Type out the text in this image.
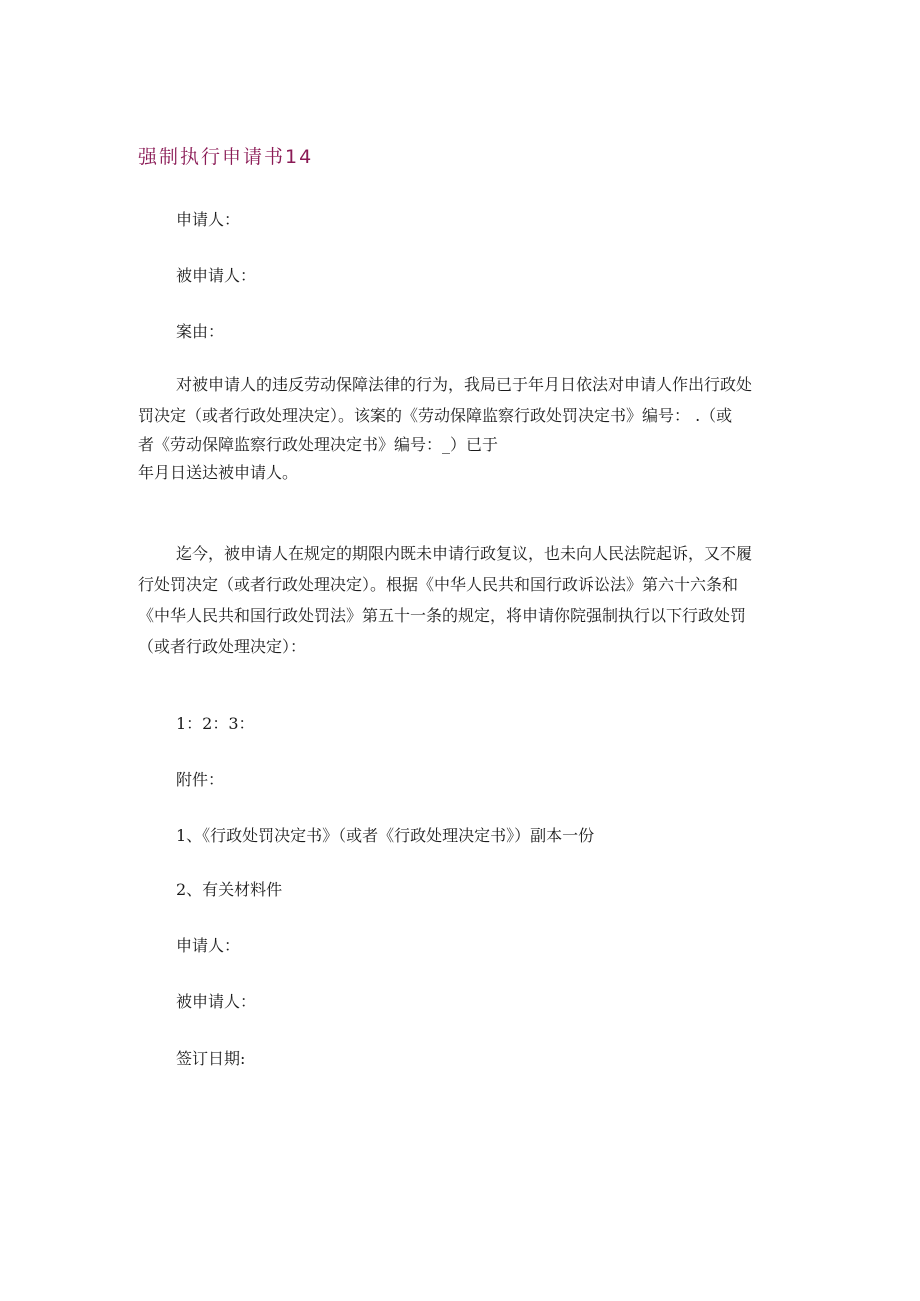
强制执行申请书14
申请人：
被申请人：
案由：
对被申请人的违反劳动保障法律的行为，我局已于年月日依法对申请人作出行政处
罚决定（或者行政处理决定）。该案的《劳动保障监察行政处罚决定书》编号： .（或
者《劳动保障监察行政处理决定书》编号：_）已于
年月日送达被申请人。
迄今，被申请人在规定的期限内既未申请行政复议，也未向人民法院起诉，又不履
行处罚决定（或者行政处理决定）。根据《中华人民共和国行政诉讼法》第六十六条和
《中华人民共和国行政处罚法》第五十一条的规定，将申请你院强制执行以下行政处罚
（或者行政处理决定）：
1：2：3：
附件：
1、《行政处罚决定书》（或者《行政处理决定书》）副本一份
2、有关材料件
申请人：
被申请人：
签订日期:
